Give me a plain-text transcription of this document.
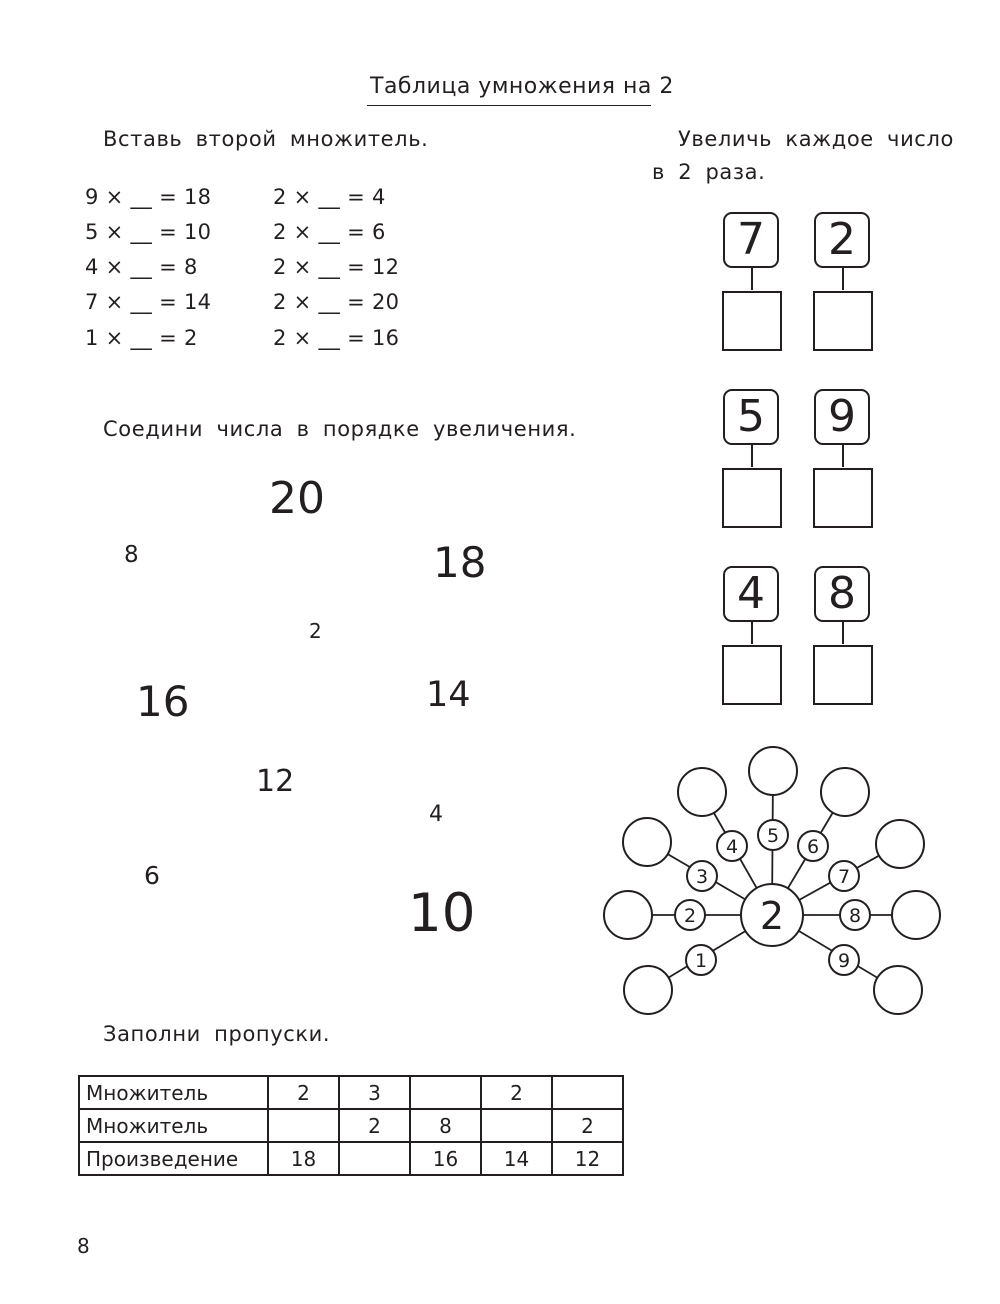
Таблица умножения на 2
Вставь второй множитель.
9 × __ = 18
5 × __ = 10
4 × __ = 8
7 × __ = 14
1 × __ = 2
2 × __ = 4
2 × __ = 6
2 × __ = 12
2 × __ = 20
2 × __ = 16
Соедини числа в порядке увеличения.
20
8	18
2
16	14
12
4
6
10
Увеличь каждое число
в 2 раза.
7	2
5	9
4	8
1
2
3
4 5 6
7
8
9
2
Заполни пропуски.
Множитель	2	3		2	
Множитель		2	8		2
Произведение	18		16	14	12
8
